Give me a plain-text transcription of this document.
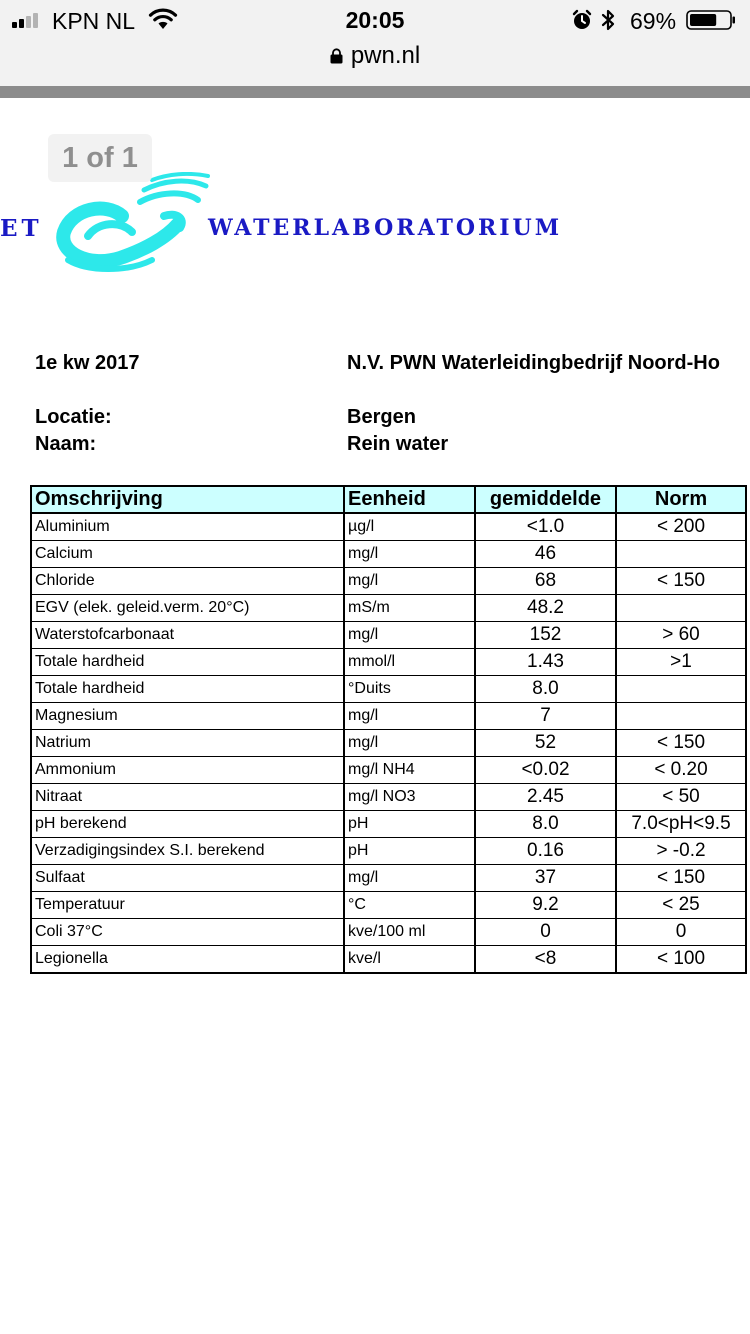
KPN NL	20:05	69%
pwn.nl
ET
1 of 1
WATERLABORATORIUM
1e kw 2017	N.V. PWN Waterleidingbedrijf Noord-Ho
Locatie:	Bergen
Naam:	Rein water
Omschrijving	Eenheid	gemiddelde	Norm
Aluminium	µg/l	<1.0	< 200
Calcium	mg/l	46	
Chloride	mg/l	68	< 150
EGV (elek. geleid.verm. 20°C)	mS/m	48.2	
Waterstofcarbonaat	mg/l	152	> 60
Totale hardheid	mmol/l	1.43	>1
Totale hardheid	°Duits	8.0	
Magnesium	mg/l	7	
Natrium	mg/l	52	< 150
Ammonium	mg/l NH4	<0.02	< 0.20
Nitraat	mg/l NO3	2.45	< 50
pH berekend	pH	8.0	7.0<pH<9.5
Verzadigingsindex S.I. berekend	pH	0.16	> -0.2
Sulfaat	mg/l	37	< 150
Temperatuur	°C	9.2	< 25
Coli 37°C	kve/100 ml	0	0
Legionella	kve/l	<8	< 100
